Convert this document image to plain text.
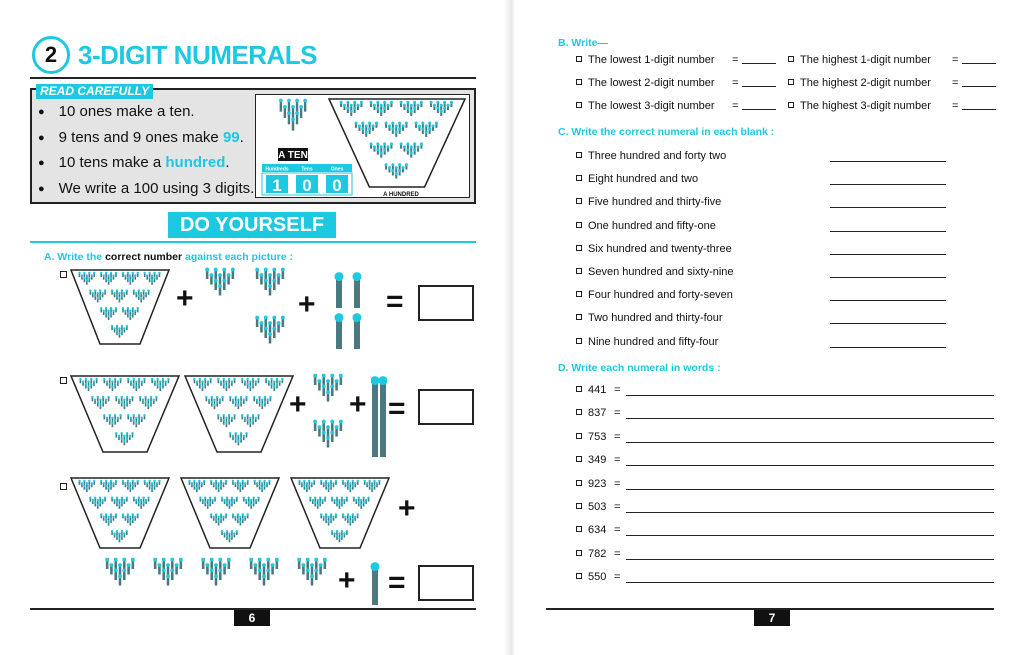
2 3-DIGIT NUMERALS
READ CAREFULLY
● 10 ones make a ten.
● 9 tens and 9 ones make 99.
● 10 tens make a hundred.
● We write a 100 using 3 digits.
A TEN
Hundreds	Tens	Ones
1 0 0	A HUNDRED
DO YOURSELF
A. Write the correct number against each picture :
+	+ =
+ + =
+
+ =
6
B. Write—
The lowest 1-digit number =	The highest 1-digit number =
The lowest 2-digit number =	The highest 2-digit number =
The lowest 3-digit number =	The highest 3-digit number =
C. Write the correct numeral in each blank :
Three hundred and forty two
Eight hundred and two
Five hundred and thirty-five
One hundred and fifty-one
Six hundred and twenty-three
Seven hundred and sixty-nine
Four hundred and forty-seven
Two hundred and thirty-four
Nine hundred and fifty-four
D. Write each numeral in words :
441 =
837 =
753 =
349 =
923 =
503 =
634 =
782 =
550 =
7
